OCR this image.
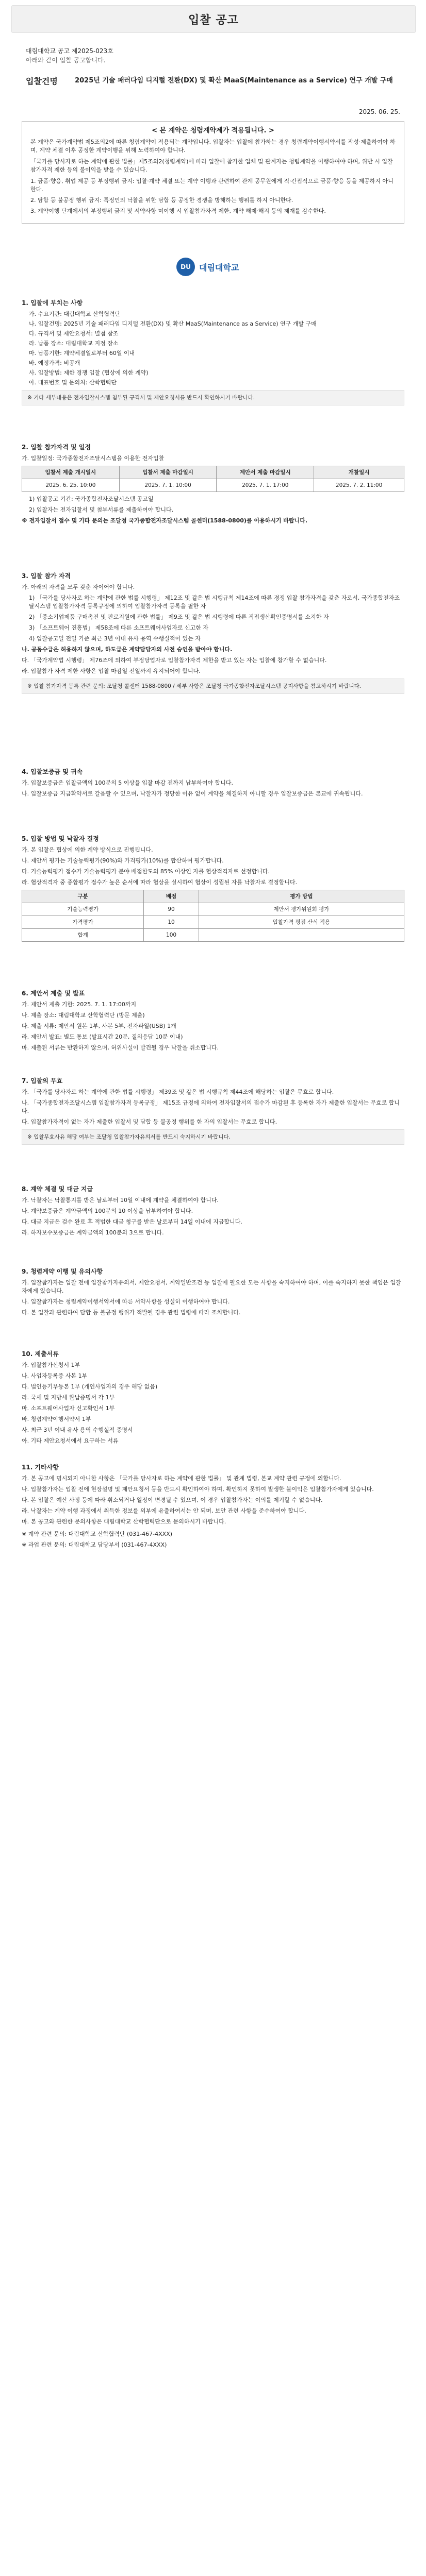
입찰 공고
대림대학교 공고 제2025-023호
아래와 같이 입찰 공고합니다.
입찰건명	2025년 기술 패러다임 디지털 전환(DX) 및 확산 MaaS(Maintenance as a Service) 연구 개발 구매
2025. 06. 25.
< 본 계약은 청렴계약제가 적용됩니다. >

본 계약은 국가계약법 제5조의2에 따른 청렴계약이 적용되는 계약입니다. 입찰자는 입찰에 참가하는 경우 청렴계약이행서약서를 작성·제출하여야 하며, 계약 체결 이후 공정한 계약이행을 위해 노력하여야 합니다.

「국가를 당사자로 하는 계약에 관한 법률」제5조의2(청렴계약)에 따라 입찰에 참가한 업체 및 관계자는 청렴계약을 이행하여야 하며, 위반 시 입찰참가자격 제한 등의 불이익을 받을 수 있습니다.

1. 금품·향응, 취업 제공 등 부정행위 금지: 입찰·계약 체결 또는 계약 이행과 관련하여 관계 공무원에게 직·간접적으로 금품·향응 등을 제공하지 아니한다.
2. 담합 등 불공정 행위 금지: 특정인의 낙찰을 위한 담합 등 공정한 경쟁을 방해하는 행위를 하지 아니한다.
3. 계약이행 단계에서의 부정행위 금지 및 서약사항 미이행 시 입찰참가자격 제한, 계약 해제·해지 등의 제재를 감수한다.
DU	대림대학교
1. 입찰에 부치는 사항
가. 수요기관: 대림대학교 산학협력단
나. 입찰건명: 2025년 기술 패러다임 디지털 전환(DX) 및 확산 MaaS(Maintenance as a Service) 연구 개발 구매
다. 규격서 및 제안요청서: 별첨 참조
라. 납품 장소: 대림대학교 지정 장소
마. 납품기한: 계약체결일로부터 60일 이내
바. 예정가격: 비공개
사. 입찰방법: 제한 경쟁 입찰 (협상에 의한 계약)
아. 대표번호 및 문의처: 산학협력단
※ 기타 세부내용은 전자입찰시스템 첨부된 규격서 및 제안요청서를 반드시 확인하시기 바랍니다.
2. 입찰 참가자격 및 일정
가. 입찰일정: 국가종합전자조달시스템을 이용한 전자입찰
입찰서 제출 개시일시	입찰서 제출 마감일시	제안서 제출 마감일시	개찰일시
2025. 6. 25. 10:00	2025. 7. 1. 10:00	2025. 7. 1. 17:00	2025. 7. 2. 11:00
1) 입찰공고 기간: 국가종합전자조달시스템 공고일
2) 입찰자는 전자입찰서 및 첨부서류를 제출하여야 합니다.
※ 전자입찰서 접수 및 기타 문의는 조달청 국가종합전자조달시스템 콜센터(1588-0800)를 이용하시기 바랍니다.
3. 입찰 참가 자격
가. 아래의 자격을 모두 갖춘 자이어야 합니다.
1) 「국가를 당사자로 하는 계약에 관한 법률 시행령」 제12조 및 같은 법 시행규칙 제14조에 따른 경쟁 입찰 참가자격을 갖춘 자로서, 국가종합전자조달시스템 입찰참가자격 등록규정에 의하여 입찰참가자격 등록을 필한 자
2) 「중소기업제품 구매촉진 및 판로지원에 관한 법률」 제9조 및 같은 법 시행령에 따른 직접생산확인증명서를 소지한 자
3) 「소프트웨어 진흥법」 제58조에 따른 소프트웨어사업자로 신고한 자
4) 입찰공고일 전일 기준 최근 3년 이내 유사 용역 수행실적이 있는 자
나. 공동수급은 허용하지 않으며, 하도급은 계약담당자의 사전 승인을 받아야 합니다.
다. 「국가계약법 시행령」 제76조에 의하여 부정당업자로 입찰참가자격 제한을 받고 있는 자는 입찰에 참가할 수 없습니다.
라. 입찰참가 자격 제한 사항은 입찰 마감일 전일까지 유지되어야 합니다.
※ 입찰 참가자격 등록 관련 문의: 조달청 콜센터 1588-0800 / 세부 사항은 조달청 국가종합전자조달시스템 공지사항을 참고하시기 바랍니다.
4. 입찰보증금 및 귀속
가. 입찰보증금은 입찰금액의 100분의 5 이상을 입찰 마감 전까지 납부하여야 합니다.
나. 입찰보증금 지급확약서로 갈음할 수 있으며, 낙찰자가 정당한 이유 없이 계약을 체결하지 아니할 경우 입찰보증금은 본교에 귀속됩니다.
5. 입찰 방법 및 낙찰자 결정
가. 본 입찰은 협상에 의한 계약 방식으로 진행됩니다.
나. 제안서 평가는 기술능력평가(90%)와 가격평가(10%)를 합산하여 평가합니다.
다. 기술능력평가 점수가 기술능력평가 분야 배점한도의 85% 이상인 자를 협상적격자로 선정합니다.
라. 협상적격자 중 종합평가 점수가 높은 순서에 따라 협상을 실시하여 협상이 성립된 자를 낙찰자로 결정합니다.
구분	배점	평가 방법
기술능력평가	90	제안서 평가위원회 평가
가격평가	10	입찰가격 평점 산식 적용
합계	100	
6. 제안서 제출 및 발표
가. 제안서 제출 기한: 2025. 7. 1. 17:00까지
나. 제출 장소: 대림대학교 산학협력단 (방문 제출)
다. 제출 서류: 제안서 원본 1부, 사본 5부, 전자파일(USB) 1개
라. 제안서 발표: 별도 통보 (발표시간 20분, 질의응답 10분 이내)
마. 제출된 서류는 반환하지 않으며, 허위사실이 발견될 경우 낙찰을 취소합니다.
7. 입찰의 무효
가. 「국가를 당사자로 하는 계약에 관한 법률 시행령」 제39조 및 같은 법 시행규칙 제44조에 해당하는 입찰은 무효로 합니다.
나. 「국가종합전자조달시스템 입찰참가자격 등록규정」 제15조 규정에 의하여 전자입찰서의 접수가 마감된 후 등록한 자가 제출한 입찰서는 무효로 합니다.
다. 입찰참가자격이 없는 자가 제출한 입찰서 및 담합 등 불공정 행위를 한 자의 입찰서는 무효로 합니다.
※ 입찰무효사유 해당 여부는 조달청 입찰참가자유의서를 반드시 숙지하시기 바랍니다.
8. 계약 체결 및 대금 지급
가. 낙찰자는 낙찰통지를 받은 날로부터 10일 이내에 계약을 체결하여야 합니다.
나. 계약보증금은 계약금액의 100분의 10 이상을 납부하여야 합니다.
다. 대금 지급은 검수 완료 후 적법한 대금 청구를 받은 날로부터 14일 이내에 지급합니다.
라. 하자보수보증금은 계약금액의 100분의 3으로 합니다.
9. 청렴계약 이행 및 유의사항
가. 입찰참가자는 입찰 전에 입찰참가자유의서, 제안요청서, 계약일반조건 등 입찰에 필요한 모든 사항을 숙지하여야 하며, 이를 숙지하지 못한 책임은 입찰자에게 있습니다.
나. 입찰참가자는 청렴계약이행서약서에 따른 서약사항을 성실히 이행하여야 합니다.
다. 본 입찰과 관련하여 담합 등 불공정 행위가 적발될 경우 관련 법령에 따라 조치합니다.
10. 제출서류
가. 입찰참가신청서 1부
나. 사업자등록증 사본 1부
다. 법인등기부등본 1부 (개인사업자의 경우 해당 없음)
라. 국세 및 지방세 완납증명서 각 1부
마. 소프트웨어사업자 신고확인서 1부
바. 청렴계약이행서약서 1부
사. 최근 3년 이내 유사 용역 수행실적 증명서
아. 기타 제안요청서에서 요구하는 서류
11. 기타사항
가. 본 공고에 명시되지 아니한 사항은 「국가를 당사자로 하는 계약에 관한 법률」 및 관계 법령, 본교 계약 관련 규정에 의합니다.
나. 입찰참가자는 입찰 전에 현장설명 및 제안요청서 등을 반드시 확인하여야 하며, 확인하지 못하여 발생한 불이익은 입찰참가자에게 있습니다.
다. 본 입찰은 예산 사정 등에 따라 취소되거나 일정이 변경될 수 있으며, 이 경우 입찰참가자는 이의를 제기할 수 없습니다.
라. 낙찰자는 계약 이행 과정에서 취득한 정보를 외부에 유출하여서는 안 되며, 보안 관련 사항을 준수하여야 합니다.
마. 본 공고와 관련한 문의사항은 대림대학교 산학협력단으로 문의하시기 바랍니다.
※ 계약 관련 문의: 대림대학교 산학협력단 (031-467-4XXX)
※ 과업 관련 문의: 대림대학교 담당부서 (031-467-4XXX)
